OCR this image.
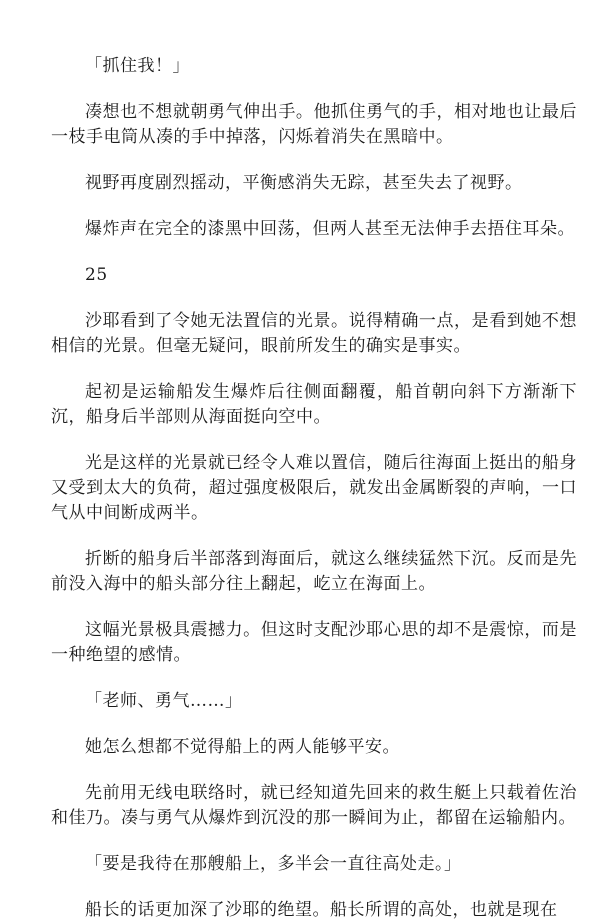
「抓住我！」

凑想也不想就朝勇气伸出手。他抓住勇气的手，相对地也让最后一枝手电筒从凑的手中掉落，闪烁着消失在黑暗中。

视野再度剧烈摇动，平衡感消失无踪，甚至失去了视野。

爆炸声在完全的漆黑中回荡，但两人甚至无法伸手去捂住耳朵。

25

沙耶看到了令她无法置信的光景。说得精确一点，是看到她不想相信的光景。但毫无疑问，眼前所发生的确实是事实。

起初是运输船发生爆炸后往侧面翻覆，船首朝向斜下方渐渐下沉，船身后半部则从海面挺向空中。

光是这样的光景就已经令人难以置信，随后往海面上挺出的船身又受到太大的负荷，超过强度极限后，就发出金属断裂的声响，一口气从中间断成两半。

折断的船身后半部落到海面后，就这么继续猛然下沉。反而是先前没入海中的船头部分往上翻起，屹立在海面上。

这幅光景极具震撼力。但这时支配沙耶心思的却不是震惊，而是一种绝望的感情。

「老师、勇气……」

她怎么想都不觉得船上的两人能够平安。

先前用无线电联络时，就已经知道先回来的救生艇上只载着佐治和佳乃。凑与勇气从爆炸到沉没的那一瞬间为止，都留在运输船内。

「要是我待在那艘船上，多半会一直往高处走。」

船长的话更加深了沙耶的绝望。船长所谓的高处，也就是现在
